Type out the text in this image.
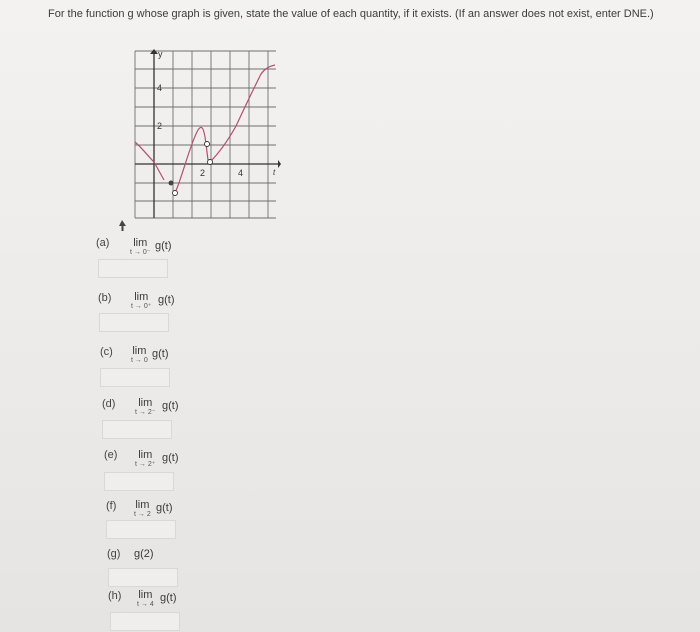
For the function g whose graph is given, state the value of each quantity, if it exists. (If an answer does not exist, enter DNE.)
y
t
4
2
2	4
(a) lim
t → 0⁻
g(t)
(b) lim
t → 0⁺
g(t)
(c) lim
t → 0
g(t)
(d) lim
t → 2⁻
g(t)
(e) lim
t → 2⁺
g(t)
(f) lim
t → 2
g(t)
(g) g(2)
(h) lim
t → 4
g(t)
